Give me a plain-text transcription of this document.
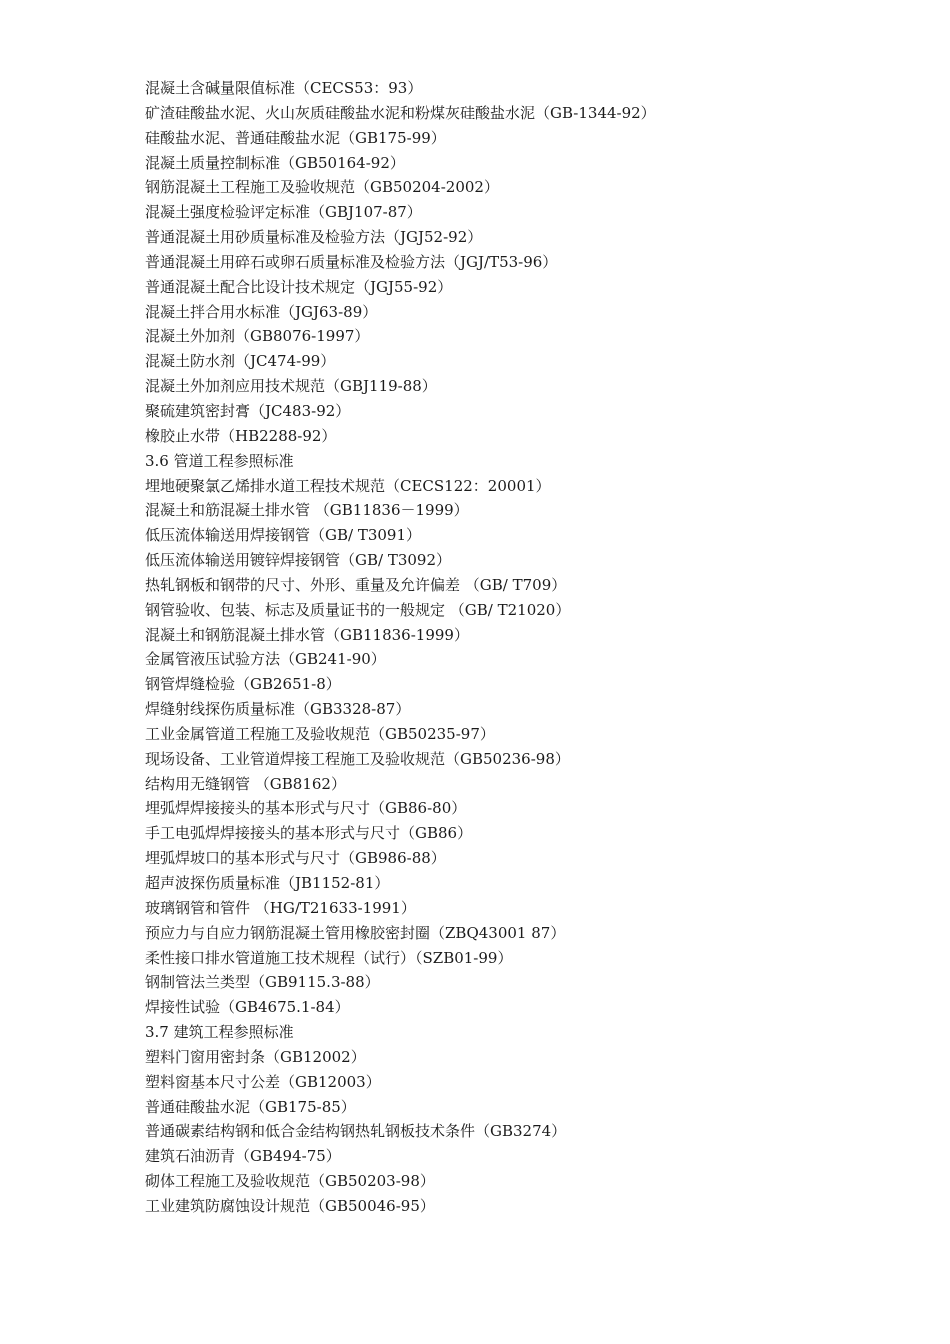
混凝土含碱量限值标准（CECS53：93）
矿渣硅酸盐水泥、火山灰质硅酸盐水泥和粉煤灰硅酸盐水泥（GB-1344-92）
硅酸盐水泥、普通硅酸盐水泥（GB175-99）
混凝土质量控制标准（GB50164-92）
钢筋混凝土工程施工及验收规范（GB50204-2002）
混凝土强度检验评定标准（GBJ107-87）
普通混凝土用砂质量标准及检验方法（JGJ52-92）
普通混凝土用碎石或卵石质量标准及检验方法（JGJ/T53-96）
普通混凝土配合比设计技术规定（JGJ55-92）
混凝土拌合用水标准（JGJ63-89）
混凝土外加剂（GB8076-1997）
混凝土防水剂（JC474-99）
混凝土外加剂应用技术规范（GBJ119-88）
聚硫建筑密封膏（JC483-92）
橡胶止水带（HB2288-92）
3.6 管道工程参照标准
埋地硬聚氯乙烯排水道工程技术规范（CECS122：20001）
混凝土和筋混凝土排水管 （GB11836－1999）
低压流体输送用焊接钢管（GB/ T3091）
低压流体输送用镀锌焊接钢管（GB/ T3092）
热轧钢板和钢带的尺寸、外形、重量及允许偏差 （GB/ T709）
钢管验收、包装、标志及质量证书的一般规定 （GB/ T21020）
混凝土和钢筋混凝土排水管（GB11836-1999）
金属管液压试验方法（GB241-90）
钢管焊缝检验（GB2651-8）
焊缝射线探伤质量标准（GB3328-87）
工业金属管道工程施工及验收规范（GB50235-97）
现场设备、工业管道焊接工程施工及验收规范（GB50236-98）
结构用无缝钢管 （GB8162）
埋弧焊焊接接头的基本形式与尺寸（GB86-80）
手工电弧焊焊接接头的基本形式与尺寸（GB86）
埋弧焊坡口的基本形式与尺寸（GB986-88）
超声波探伤质量标准（JB1152-81）
玻璃钢管和管件 （HG/T21633-1991）
预应力与自应力钢筋混凝土管用橡胶密封圈（ZBQ43001 87）
柔性接口排水管道施工技术规程（试行）（SZB01-99）
钢制管法兰类型（GB9115.3-88）
焊接性试验（GB4675.1-84）
3.7 建筑工程参照标准
塑料门窗用密封条（GB12002）
塑料窗基本尺寸公差（GB12003）
普通硅酸盐水泥（GB175-85）
普通碳素结构钢和低合金结构钢热轧钢板技术条件（GB3274）
建筑石油沥青（GB494-75）
砌体工程施工及验收规范（GB50203-98）
工业建筑防腐蚀设计规范（GB50046-95）
